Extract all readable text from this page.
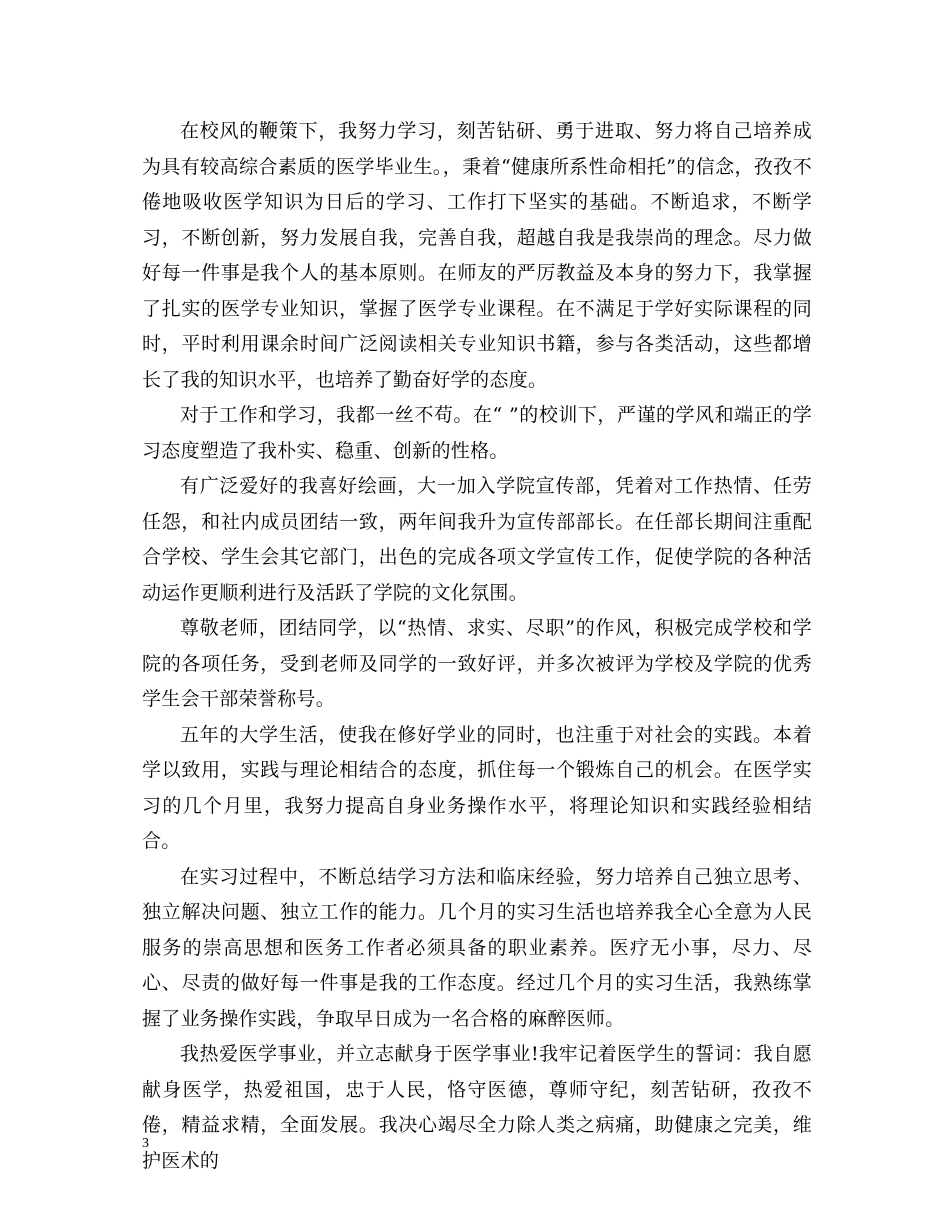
在校风的鞭策下，我努力学习，刻苦钻研、勇于进取、努力将自己培养成为具有较高综合素质的医学毕业生。，秉着“健康所系性命相托”的信念，孜孜不倦地吸收医学知识为日后的学习、工作打下坚实的基础。不断追求，不断学习，不断创新，努力发展自我，完善自我，超越自我是我崇尚的理念。尽力做好每一件事是我个人的基本原则。在师友的严厉教益及本身的努力下，我掌握了扎实的医学专业知识，掌握了医学专业课程。在不满足于学好实际课程的同时，平时利用课余时间广泛阅读相关专业知识书籍，参与各类活动，这些都增长了我的知识水平，也培养了勤奋好学的态度。

对于工作和学习，我都一丝不苟。在“ ”的校训下，严谨的学风和端正的学习态度塑造了我朴实、稳重、创新的性格。

有广泛爱好的我喜好绘画，大一加入学院宣传部，凭着对工作热情、任劳任怨，和社内成员团结一致，两年间我升为宣传部部长。在任部长期间注重配合学校、学生会其它部门，出色的完成各项文学宣传工作，促使学院的各种活动运作更顺利进行及活跃了学院的文化氛围。

尊敬老师，团结同学，以“热情、求实、尽职”的作风，积极完成学校和学院的各项任务，受到老师及同学的一致好评，并多次被评为学校及学院的优秀学生会干部荣誉称号。

五年的大学生活，使我在修好学业的同时，也注重于对社会的实践。本着学以致用，实践与理论相结合的态度，抓住每一个锻炼自己的机会。在医学实习的几个月里，我努力提高自身业务操作水平，将理论知识和实践经验相结合。

在实习过程中，不断总结学习方法和临床经验，努力培养自己独立思考、独立解决问题、独立工作的能力。几个月的实习生活也培养我全心全意为人民服务的崇高思想和医务工作者必须具备的职业素养。医疗无小事，尽力、尽心、尽责的做好每一件事是我的工作态度。经过几个月的实习生活，我熟练掌握了业务操作实践，争取早日成为一名合格的麻醉医师。

我热爱医学事业，并立志献身于医学事业!我牢记着医学生的誓词：我自愿献身医学，热爱祖国，忠于人民，恪守医德，尊师守纪，刻苦钻研，孜孜不倦，精益求精，全面发展。我决心竭尽全力除人类之病痛，助健康之完美，维护医术的

3
